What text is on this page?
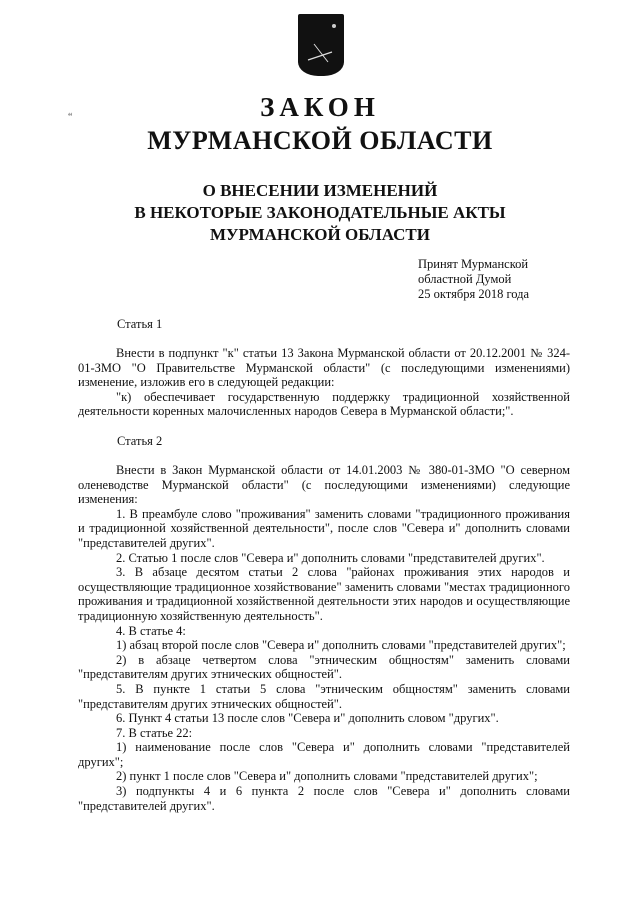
“	ЗАКОН
МУРМАНСКОЙ ОБЛАСТИ
О ВНЕСЕНИИ ИЗМЕНЕНИЙ
В НЕКОТОРЫЕ ЗАКОНОДАТЕЛЬНЫЕ АКТЫ
МУРМАНСКОЙ ОБЛАСТИ
Принят Мурманской
областной Думой
25 октября 2018 года
Статья 1

Внести в подпункт "к" статьи 13 Закона Мурманской области от 20.12.2001 № 324-01-ЗМО "О Правительстве Мурманской области" (с последующими изменениями) изменение, изложив его в следующей редакции:

"к) обеспечивает государственную поддержку традиционной хозяйственной деятельности коренных малочисленных народов Севера в Мурманской области;".

Статья 2

Внести в Закон Мурманской области от 14.01.2003 № 380-01-ЗМО "О северном оленеводстве Мурманской области" (с последующими изменениями) следующие изменения:

1. В преамбуле слово "проживания" заменить словами "традиционного проживания и традиционной хозяйственной деятельности", после слов "Севера и" дополнить словами "представителей других".

2. Статью 1 после слов "Севера и" дополнить словами "представителей других".

3. В абзаце десятом статьи 2 слова "районах проживания этих народов и осуществляющие традиционное хозяйствование" заменить словами "местах традиционного проживания и традиционной хозяйственной деятельности этих народов и осуществляющие традиционную хозяйственную деятельность".

4. В статье 4:

1) абзац второй после слов "Севера и" дополнить словами "представителей других";

2) в абзаце четвертом слова "этническим общностям" заменить словами "представителям других этнических общностей".

5. В пункте 1 статьи 5 слова "этническим общностям" заменить словами "представителям других этнических общностей".

6. Пункт 4 статьи 13 после слов "Севера и" дополнить словом "других".

7. В статье 22:

1) наименование после слов "Севера и" дополнить словами "представителей других";

2) пункт 1 после слов "Севера и" дополнить словами "представителей других";

3) подпункты 4 и 6 пункта 2 после слов "Севера и" дополнить словами "представителей других".
